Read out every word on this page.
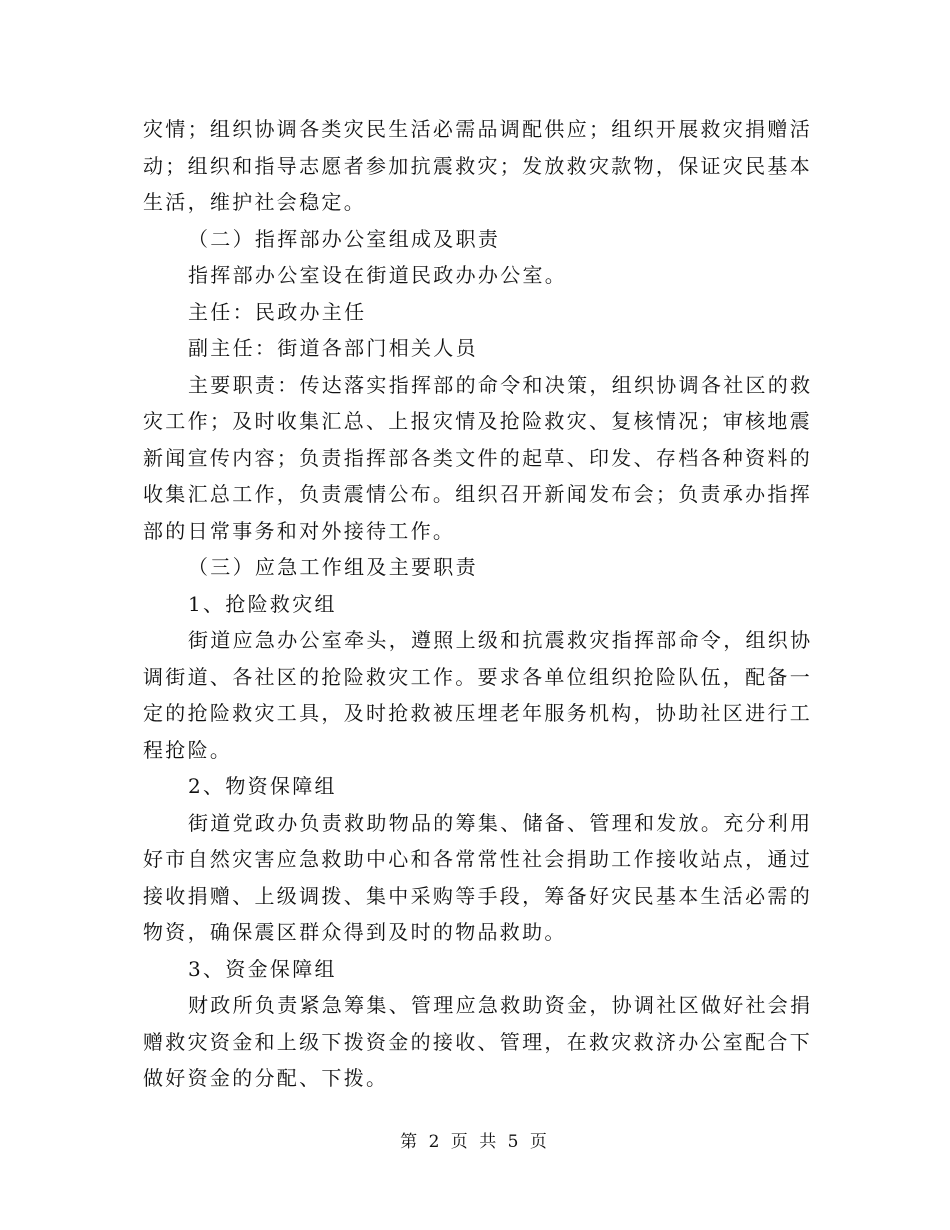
灾情；组织协调各类灾民生活必需品调配供应；组织开展救灾捐赠活
动；组织和指导志愿者参加抗震救灾；发放救灾款物，保证灾民基本
生活，维护社会稳定。
（二）指挥部办公室组成及职责
指挥部办公室设在街道民政办办公室。
主任：民政办主任
副主任：街道各部门相关人员
主要职责：传达落实指挥部的命令和决策，组织协调各社区的救
灾工作；及时收集汇总、上报灾情及抢险救灾、复核情况；审核地震
新闻宣传内容；负责指挥部各类文件的起草、印发、存档各种资料的
收集汇总工作，负责震情公布。组织召开新闻发布会；负责承办指挥
部的日常事务和对外接待工作。
（三）应急工作组及主要职责
1、抢险救灾组
街道应急办公室牵头，遵照上级和抗震救灾指挥部命令，组织协
调街道、各社区的抢险救灾工作。要求各单位组织抢险队伍，配备一
定的抢险救灾工具，及时抢救被压埋老年服务机构，协助社区进行工
程抢险。
2、物资保障组
街道党政办负责救助物品的筹集、储备、管理和发放。充分利用
好市自然灾害应急救助中心和各常常性社会捐助工作接收站点，通过
接收捐赠、上级调拨、集中采购等手段，筹备好灾民基本生活必需的
物资，确保震区群众得到及时的物品救助。
3、资金保障组
财政所负责紧急筹集、管理应急救助资金，协调社区做好社会捐
赠救灾资金和上级下拨资金的接收、管理，在救灾救济办公室配合下
做好资金的分配、下拨。
第 2 页 共 5 页
